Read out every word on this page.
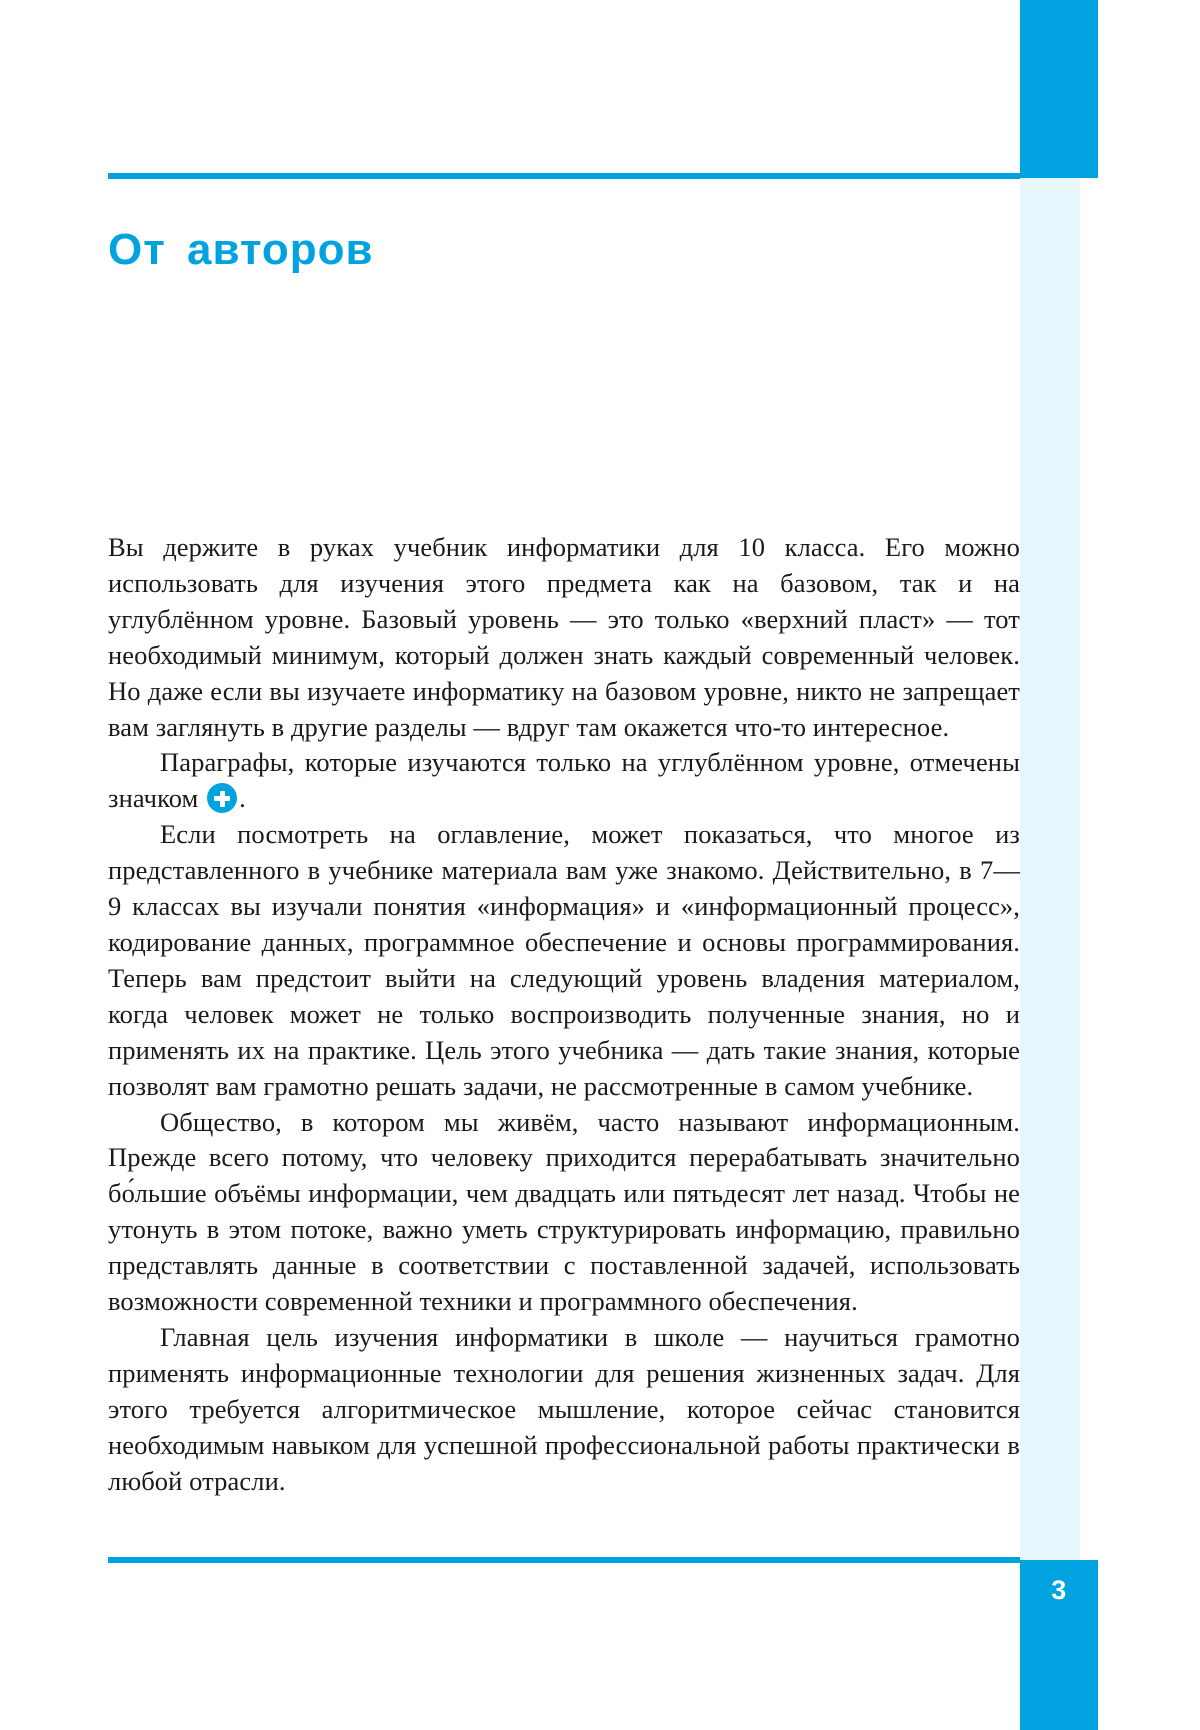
3
От авторов

Вы держите в руках учебник информатики для 10 класса. Его можно использовать для изучения этого предмета как на базовом, так и на углублённом уровне. Базовый уровень — это только «верхний пласт» — тот необходимый минимум, который должен знать каждый современный человек. Но даже если вы изучаете информатику на базовом уровне, никто не запрещает вам заглянуть в другие разделы — вдруг там окажется что-то интересное.

Параграфы, которые изучаются только на углублённом уровне, отмечены значком .

Если посмотреть на оглавление, может показаться, что многое из представленного в учебнике материала вам уже знакомо. Действительно, в 7—9 классах вы изучали понятия «информация» и «информационный процесс», кодирование данных, программное обеспечение и основы программирования. Теперь вам предстоит выйти на следующий уровень владения материалом, когда человек может не только воспроизводить полученные знания, но и применять их на практике. Цель этого учебника — дать такие знания, которые позволят вам грамотно решать задачи, не рассмотренные в самом учебнике.

Общество, в котором мы живём, часто называют информационным. Прежде всего потому, что человеку приходится перерабатывать значительно бо́льшие объёмы информации, чем двадцать или пятьдесят лет назад. Чтобы не утонуть в этом потоке, важно уметь структурировать информацию, правильно представлять данные в соответствии с поставленной задачей, использовать возможности современной техники и программного обеспечения.

Главная цель изучения информатики в школе — научиться грамотно применять информационные технологии для решения жизненных задач. Для этого требуется алгоритмическое мышление, которое сейчас становится необходимым навыком для успешной профессиональной работы практически в любой отрасли.
